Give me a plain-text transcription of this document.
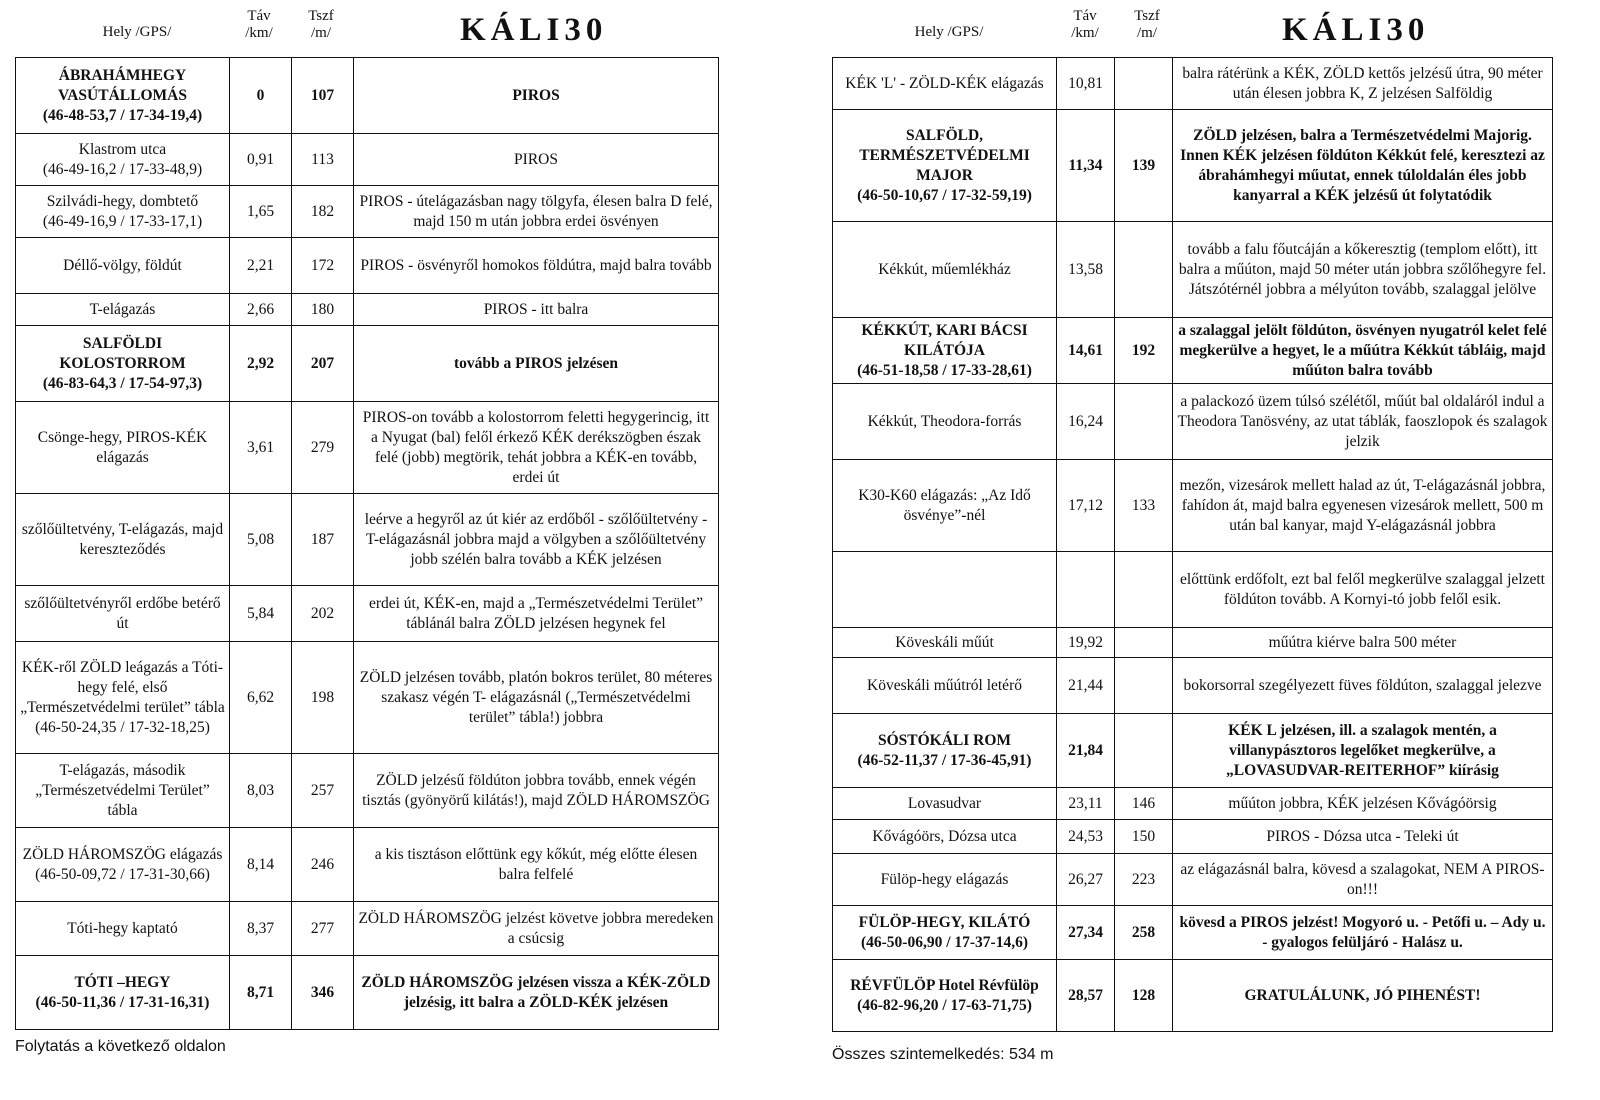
Hely /GPS/
Táv
/km/
Tszf
/m/	KÁLI30
ÁBRAHÁMHEGY VASÚTÁLLOMÁS
(46-48-53,7 / 17-34-19,4)	0	107	PIROS
Klastrom utca
(46-49-16,2 / 17-33-48,9)	0,91	113	PIROS
Szilvádi-hegy, dombtető
(46-49-16,9 / 17-33-17,1)	1,65	182	PIROS - útelágazásban nagy tölgyfa, élesen balra D felé, majd 150 m után jobbra erdei ösvényen
Déllő-völgy, földút	2,21	172	PIROS - ösvényről homokos földútra, majd balra tovább
T-elágazás	2,66	180	PIROS - itt balra
SALFÖLDI KOLOSTORROM
(46-83-64,3 / 17-54-97,3)	2,92	207	tovább a PIROS jelzésen
Csönge-hegy, PIROS-KÉK elágazás	3,61	279	PIROS-on tovább a kolostorrom feletti hegygerincig, itt a Nyugat (bal) felől érkező KÉK derékszögben észak felé (jobb) megtörik, tehát jobbra a KÉK-en tovább, erdei út
szőlőültetvény, T-elágazás, majd kereszteződés	5,08	187	leérve a hegyről az út kiér az erdőből - szőlőültetvény - T-elágazásnál jobbra majd a völgyben a szőlőültetvény jobb szélén balra tovább a KÉK jelzésen
szőlőültetvényről erdőbe betérő út	5,84	202	erdei út, KÉK-en, majd a „Természetvédelmi Terület” táblánál balra ZÖLD jelzésen hegynek fel
KÉK-ről ZÖLD leágazás a Tóti-hegy felé, első „Természetvédelmi terület” tábla
(46-50-24,35 / 17-32-18,25)	6,62	198	ZÖLD jelzésen tovább, platón bokros terület, 80 méteres szakasz végén T- elágazásnál („Természetvédelmi terület” tábla!) jobbra
T-elágazás, második „Természetvédelmi Terület” tábla	8,03	257	ZÖLD jelzésű földúton jobbra tovább, ennek végén tisztás (gyönyörű kilátás!), majd ZÖLD HÁROMSZÖG
ZÖLD HÁROMSZÖG elágazás
(46-50-09,72 / 17-31-30,66)	8,14	246	a kis tisztáson előttünk egy kőkút, még előtte élesen balra felfelé
Tóti-hegy kaptató	8,37	277	ZÖLD HÁROMSZÖG jelzést követve jobbra meredeken a csúcsig
TÓTI –HEGY
(46-50-11,36 / 17-31-16,31)	8,71	346	ZÖLD HÁROMSZÖG jelzésen vissza a KÉK-ZÖLD jelzésig, itt balra a ZÖLD-KÉK jelzésen
Folytatás a következő oldalon
Hely /GPS/
Táv
/km/
Tszf
/m/	KÁLI30
KÉK 'L' - ZÖLD-KÉK elágazás	10,81		balra rátérünk a KÉK, ZÖLD kettős jelzésű útra, 90 méter után élesen jobbra K, Z jelzésen Salföldig
SALFÖLD, TERMÉSZETVÉDELMI MAJOR
(46-50-10,67 / 17-32-59,19)	11,34	139	ZÖLD jelzésen, balra a Természetvédelmi Majorig. Innen KÉK jelzésen földúton Kékkút felé, keresztezi az ábrahámhegyi műutat, ennek túloldalán éles jobb kanyarral a KÉK jelzésű út folytatódik
Kékkút, műemlékház	13,58		tovább a falu főutcáján a kőkeresztig (templom előtt), itt balra a műúton, majd 50 méter után jobbra szőlőhegyre fel. Játszótérnél jobbra a mélyúton tovább, szalaggal jelölve
KÉKKÚT, KARI BÁCSI KILÁTÓJA
(46-51-18,58 / 17-33-28,61)	14,61	192	a szalaggal jelölt földúton, ösvényen nyugatról kelet felé megkerülve a hegyet, le a műútra Kékkút tábláig, majd műúton balra tovább
Kékkút, Theodora-forrás	16,24		a palackozó üzem túlsó szélétől, műút bal oldaláról indul a Theodora Tanösvény, az utat táblák, faoszlopok és szalagok jelzik
K30-K60 elágazás: „Az Idő ösvénye”-nél	17,12	133	mezőn, vizesárok mellett halad az út, T-elágazásnál jobbra, fahídon át, majd balra egyenesen vizesárok mellett, 500 m után bal kanyar, majd Y-elágazásnál jobbra

			előttünk erdőfolt, ezt bal felől megkerülve szalaggal jelzett földúton tovább. A Kornyi-tó jobb felől esik.
Köveskáli műút	19,92		műútra kiérve balra 500 méter
Köveskáli műútról letérő	21,44		bokorsorral szegélyezett füves földúton, szalaggal jelezve
SÓSTÓKÁLI ROM
(46-52-11,37 / 17-36-45,91)	21,84		KÉK L jelzésen, ill. a szalagok mentén, a villanypásztoros legelőket megkerülve, a „LOVASUDVAR-REITERHOF” kiírásig
Lovasudvar	23,11	146	műúton jobbra, KÉK jelzésen Kővágóörsig
Kővágóörs, Dózsa utca	24,53	150	PIROS - Dózsa utca - Teleki út
Fülöp-hegy elágazás	26,27	223	az elágazásnál balra, kövesd a szalagokat, NEM A PIROS-on!!!
FÜLÖP-HEGY, KILÁTÓ
(46-50-06,90 / 17-37-14,6)	27,34	258	kövesd a PIROS jelzést! Mogyoró u. - Petőfi u. – Ady u. - gyalogos felüljáró - Halász u.
RÉVFÜLÖP Hotel Révfülöp
(46-82-96,20 / 17-63-71,75)	28,57	128	GRATULÁLUNK, JÓ PIHENÉST!
Összes szintemelkedés: 534 m
